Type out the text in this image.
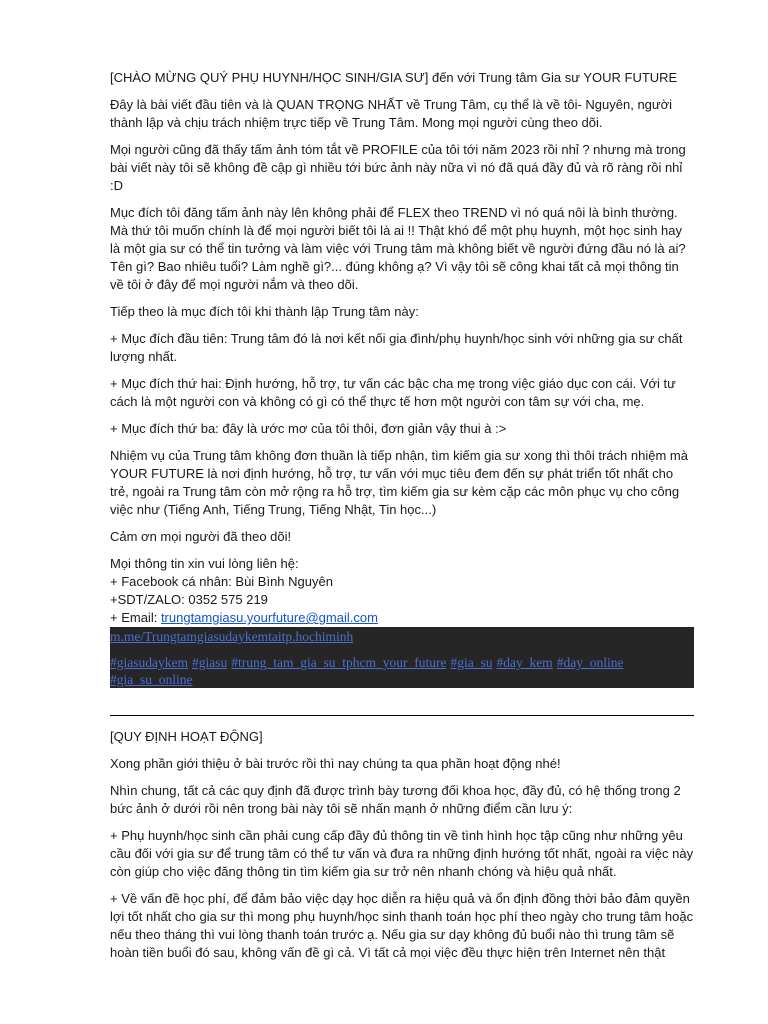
[CHÀO MỪNG QUÝ PHỤ HUYNH/HỌC SINH/GIA SƯ] đến với Trung tâm Gia sư YOUR FUTURE

Đây là bài viết đầu tiên và là QUAN TRỌNG NHẤT về Trung Tâm, cụ thể là về tôi- Nguyên, người thành lập và chịu trách nhiệm trực tiếp về Trung Tâm. Mong mọi người cùng theo dõi.

Mọi người cũng đã thấy tấm ảnh tóm tắt về PROFILE của tôi tới năm 2023 rồi nhỉ ? nhưng mà trong bài viết này tôi sẽ không đề cập gì nhiều tới bức ảnh này nữa vì nó đã quá đầy đủ và rõ ràng rồi nhỉ :D

Mục đích tôi đăng tấm ảnh này lên không phải để FLEX theo TREND vì nó quá nôi là bình thường. Mà thứ tôi muốn chính là để mọi người biết tôi là ai !! Thật khó để một phụ huynh, một học sinh hay là một gia sư có thể tin tưởng và làm việc với Trung tâm mà không biết về người đứng đầu nó là ai? Tên gì? Bao nhiêu tuổi? Làm nghề gì?... đúng không ạ? Vì vậy tôi sẽ công khai tất cả mọi thông tin về tôi ở đây để mọi người nắm và theo dõi.

Tiếp theo là mục đích tôi khi thành lập Trung tâm này:

+ Mục đích đầu tiên: Trung tâm đó là nơi kết nối gia đình/phụ huynh/học sinh với những gia sư chất lượng nhất.

+ Mục đích thứ hai: Định hướng, hỗ trợ, tư vấn các bậc cha mẹ trong việc giáo dục con cái. Với tư cách là một người con và không có gì có thể thực tế hơn một người con tâm sự với cha, mẹ.

+ Mục đích thứ ba: đây là ước mơ của tôi thôi, đơn giản vậy thui à :>

Nhiệm vụ của Trung tâm không đơn thuần là tiếp nhận, tìm kiếm gia sư xong thì thôi trách nhiệm mà YOUR FUTURE là nơi định hướng, hỗ trợ, tư vấn với mục tiêu đem đến sự phát triển tốt nhất cho trẻ, ngoài ra Trung tâm còn mở rộng ra hỗ trợ, tìm kiếm gia sư kèm cặp các môn phục vụ cho công việc như (Tiếng Anh, Tiếng Trung, Tiếng Nhật, Tin học...)

Cảm ơn mọi người đã theo dõi!

Mọi thông tin xin vui lòng liên hệ:

+ Facebook cá nhân: Bùi Bình Nguyên

+SDT/ZALO: 0352 575 219

+ Email: trungtamgiasu.yourfuture@gmail.com

m.me/Trungtamgiasudaykemtaitp.hochiminh
#giasudaykem #giasu #trung_tam_gia_su_tphcm_your_future #gia_su #day_kem #day_online
#gia_su_online

[QUY ĐỊNH HOẠT ĐỘNG]

Xong phần giới thiệu ở bài trước rồi thì nay chúng ta qua phần hoạt động nhé!

Nhìn chung, tất cả các quy định đã được trình bày tương đối khoa học, đầy đủ, có hệ thống trong 2 bức ảnh ở dưới rồi nên trong bài này tôi sẽ nhấn mạnh ở những điểm cần lưu ý:

+ Phụ huynh/học sinh cần phải cung cấp đầy đủ thông tin về tình hình học tập cũng như những yêu cầu đối với gia sư để trung tâm có thể tư vấn và đưa ra những định hướng tốt nhất, ngoài ra việc này còn giúp cho việc đăng thông tin tìm kiếm gia sư trở nên nhanh chóng và hiệu quả nhất.

+ Về vấn đề học phí, để đảm bảo việc dạy học diễn ra hiệu quả và ổn định đồng thời bảo đảm quyền lợi tốt nhất cho gia sư thì mong phụ huynh/học sinh thanh toán học phí theo ngày cho trung tâm hoặc nếu theo tháng thì vui lòng thanh toán trước ạ. Nếu gia sư dạy không đủ buổi nào thì trung tâm sẽ hoàn tiền buổi đó sau, không vấn đề gì cả. Vì tất cả mọi việc đều thực hiện trên Internet nên thật
